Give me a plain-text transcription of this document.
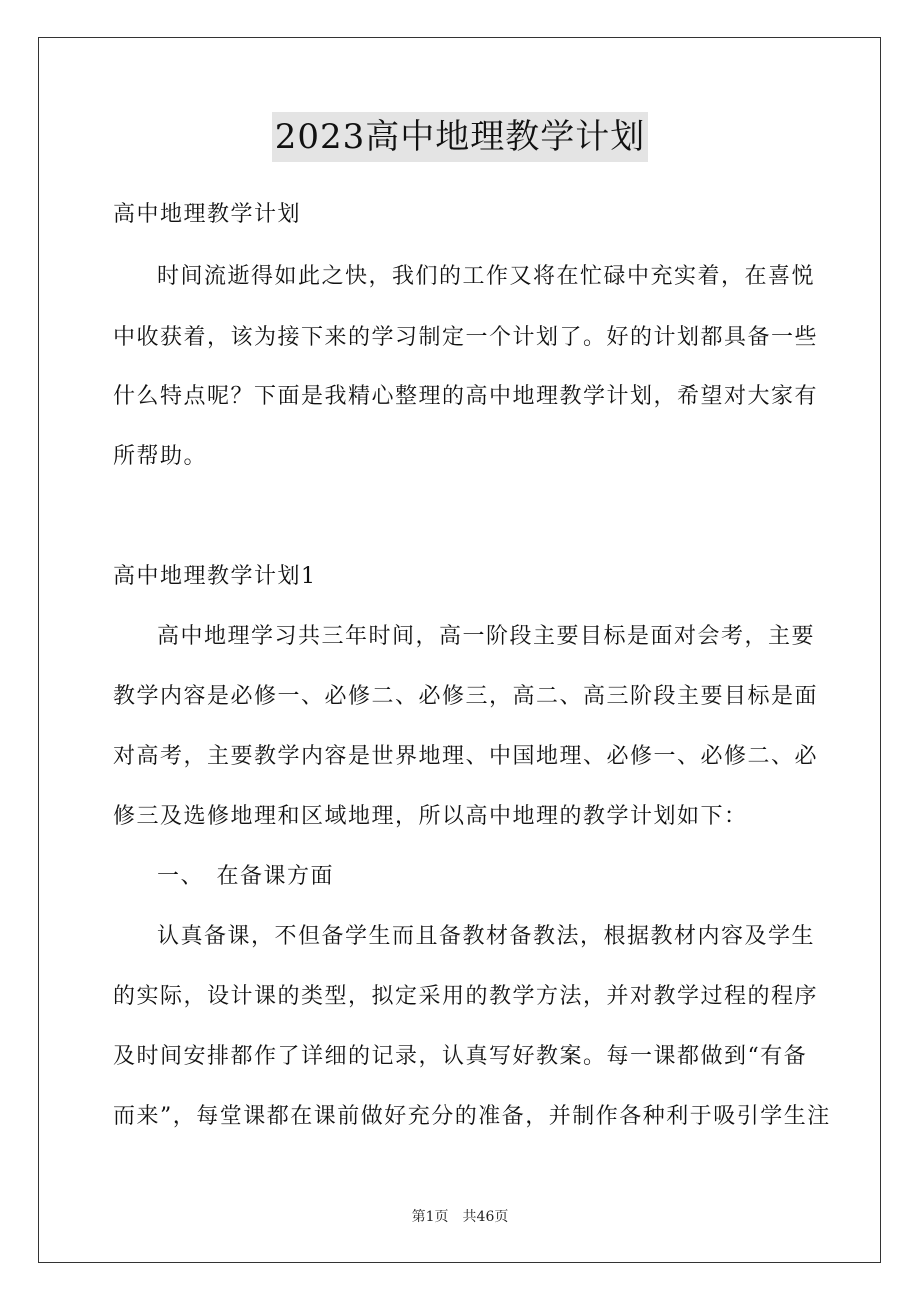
2023高中地理教学计划
高中地理教学计划
时间流逝得如此之快，我们的工作又将在忙碌中充实着，在喜悦
中收获着，该为接下来的学习制定一个计划了。好的计划都具备一些
什么特点呢？下面是我精心整理的高中地理教学计划，希望对大家有
所帮助。
高中地理教学计划1
高中地理学习共三年时间，高一阶段主要目标是面对会考，主要
教学内容是必修一、必修二、必修三，高二、高三阶段主要目标是面
对高考，主要教学内容是世界地理、中国地理、必修一、必修二、必
修三及选修地理和区域地理，所以高中地理的教学计划如下：
一、　在备课方面
认真备课，不但备学生而且备教材备教法，根据教材内容及学生
的实际，设计课的类型，拟定采用的教学方法，并对教学过程的程序
及时间安排都作了详细的记录，认真写好教案。每一课都做到“有备
而来”，每堂课都在课前做好充分的准备，并制作各种利于吸引学生注
第1页 共46页
